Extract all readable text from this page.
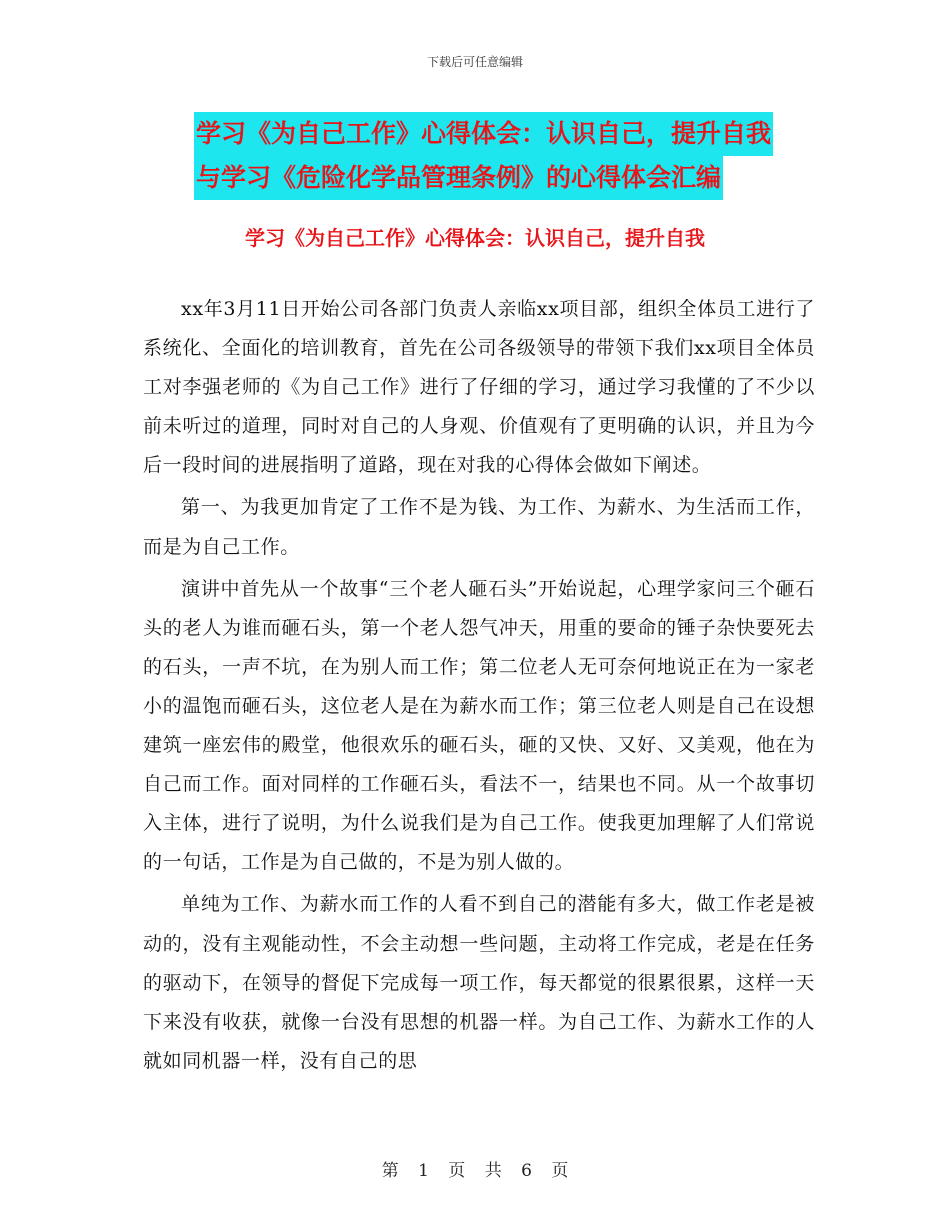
下载后可任意编辑
学习《为自己工作》心得体会：认识自己，提升自我
与学习《危险化学品管理条例》的心得体会汇编
学习《为自己工作》心得体会：认识自己，提升自我

xx年3月11日开始公司各部门负责人亲临xx项目部，组织全体员工进行了系统化、全面化的培训教育，首先在公司各级领导的带领下我们xx项目全体员工对李强老师的《为自己工作》进行了仔细的学习，通过学习我懂的了不少以前未听过的道理，同时对自己的人身观、价值观有了更明确的认识，并且为今后一段时间的进展指明了道路，现在对我的心得体会做如下阐述。

第一、为我更加肯定了工作不是为钱、为工作、为薪水、为生活而工作，而是为自己工作。

演讲中首先从一个故事“三个老人砸石头”开始说起，心理学家问三个砸石头的老人为谁而砸石头，第一个老人怨气冲天，用重的要命的锤子杂快要死去的石头，一声不坑，在为别人而工作；第二位老人无可奈何地说正在为一家老小的温饱而砸石头，这位老人是在为薪水而工作；第三位老人则是自己在设想建筑一座宏伟的殿堂，他很欢乐的砸石头，砸的又快、又好、又美观，他在为自己而工作。面对同样的工作砸石头，看法不一，结果也不同。从一个故事切入主体，进行了说明，为什么说我们是为自己工作。使我更加理解了人们常说的一句话，工作是为自己做的，不是为别人做的。

单纯为工作、为薪水而工作的人看不到自己的潜能有多大，做工作老是被动的，没有主观能动性，不会主动想一些问题，主动将工作完成，老是在任务的驱动下，在领导的督促下完成每一项工作，每天都觉的很累很累，这样一天下来没有收获，就像一台没有思想的机器一样。为自己工作、为薪水工作的人就如同机器一样，没有自己的思

第 1 页 共 6 页
